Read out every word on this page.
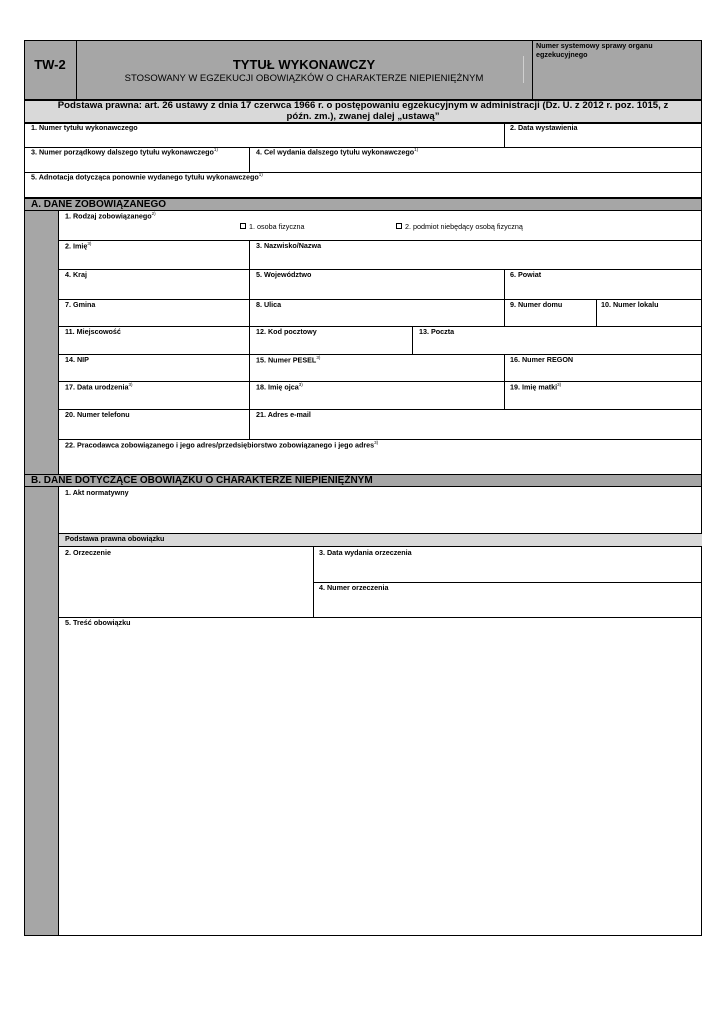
TW-2	TYTUŁ WYKONAWCZY
STOSOWANY W EGZEKUCJI OBOWIĄZKÓW O CHARAKTERZE NIEPIENIĘŻNYM
Numer systemowy sprawy organu egzekucyjnego
Podstawa prawna: art. 26 ustawy z dnia 17 czerwca 1966 r. o postępowaniu egzekucyjnym w administracji (Dz. U. z 2012 r. poz. 1015, z
późn. zm.), zwanej dalej „ustawą”
1. Numer tytułu wykonawczego	2. Data wystawienia
3. Numer porządkowy dalszego tytułu wykonawczego$^{1)}$	4. Cel wydania dalszego tytułu wykonawczego$^{1)}$
5. Adnotacja dotycząca ponownie wydanego tytułu wykonawczego$^{1)}$
A. DANE ZOBOWIĄZANEGO
1. Rodzaj zobowiązanego$^{2)}$
1. osoba fizyczna	2. podmiot niebędący osobą fizyczną
2. Imię$^{3)}$	3. Nazwisko/Nazwa
4. Kraj	5. Województwo	6. Powiat
7. Gmina	8. Ulica	9. Numer domu	10. Numer lokalu
11. Miejscowość	12. Kod pocztowy	13. Poczta
14. NIP	15. Numer PESEL$^{3)}$	16. Numer REGON
17. Data urodzenia$^{3)}$	18. Imię ojca$^{3)}$	19. Imię matki$^{3)}$
20. Numer telefonu	21. Adres e-mail
22. Pracodawca zobowiązanego i jego adres/przedsiębiorstwo zobowiązanego i jego adres$^{3)}$
B. DANE DOTYCZĄCE OBOWIĄZKU O CHARAKTERZE NIEPIENIĘŻNYM
1. Akt normatywny
Podstawa prawna obowiązku
2. Orzeczenie	3. Data wydania orzeczenia
4. Numer orzeczenia
5. Treść obowiązku
